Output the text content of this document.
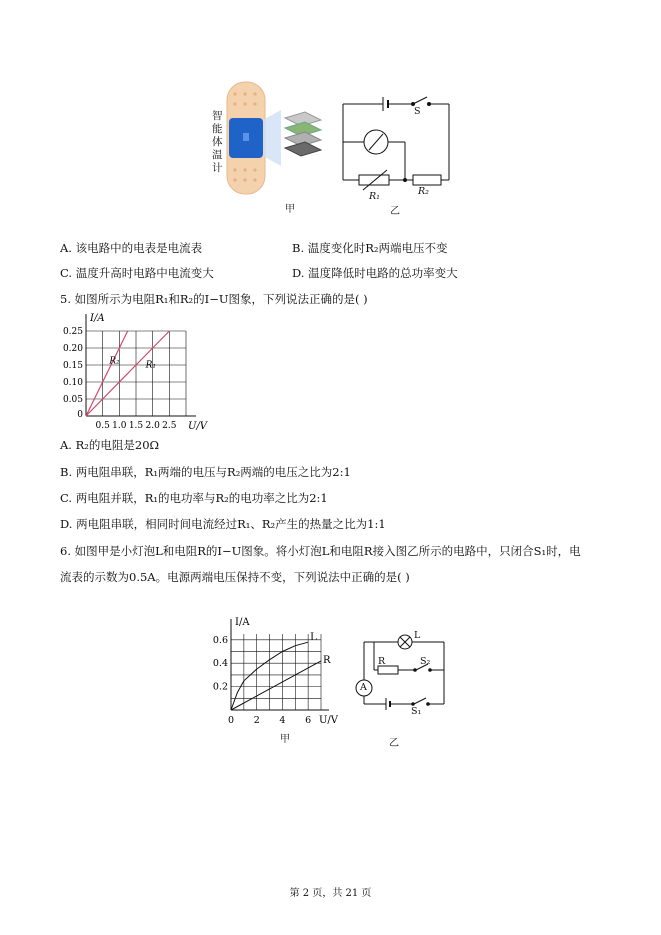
智能体温计
甲
S
R₁	R₂
乙
A. 该电路中的电表是电流表	B. 温度变化时R₂两端电压不变
C. 温度升高时电路中电流变大	D. 温度降低时电路的总功率变大
5. 如图所示为电阻R₁和R₂的I−U图象，下列说法正确的是( )
I/A
U/V
0.25
0.20
0.15
0.10
0.05
0
0.5 1.0 1.5 2.0 2.5
R₂	R₁
A. R₂的电阻是20Ω
B. 两电阻串联，R₁两端的电压与R₂两端的电压之比为2:1
C. 两电阻并联，R₁的电功率与R₂的电功率之比为2:1
D. 两电阻串联，相同时间电流经过R₁、R₂产生的热量之比为1:1
6. 如图甲是小灯泡L和电阻R的I−U图象。将小灯泡L和电阻R接入图乙所示的电路中，只闭合S₁时，电
流表的示数为0.5A。电源两端电压保持不变，下列说法中正确的是( )
I/A
U/V
0.6
0.4
0.2
0 2 4 6
L
R
甲
L
R	S₂
A
S₁
乙
第 2 页，共 21 页
